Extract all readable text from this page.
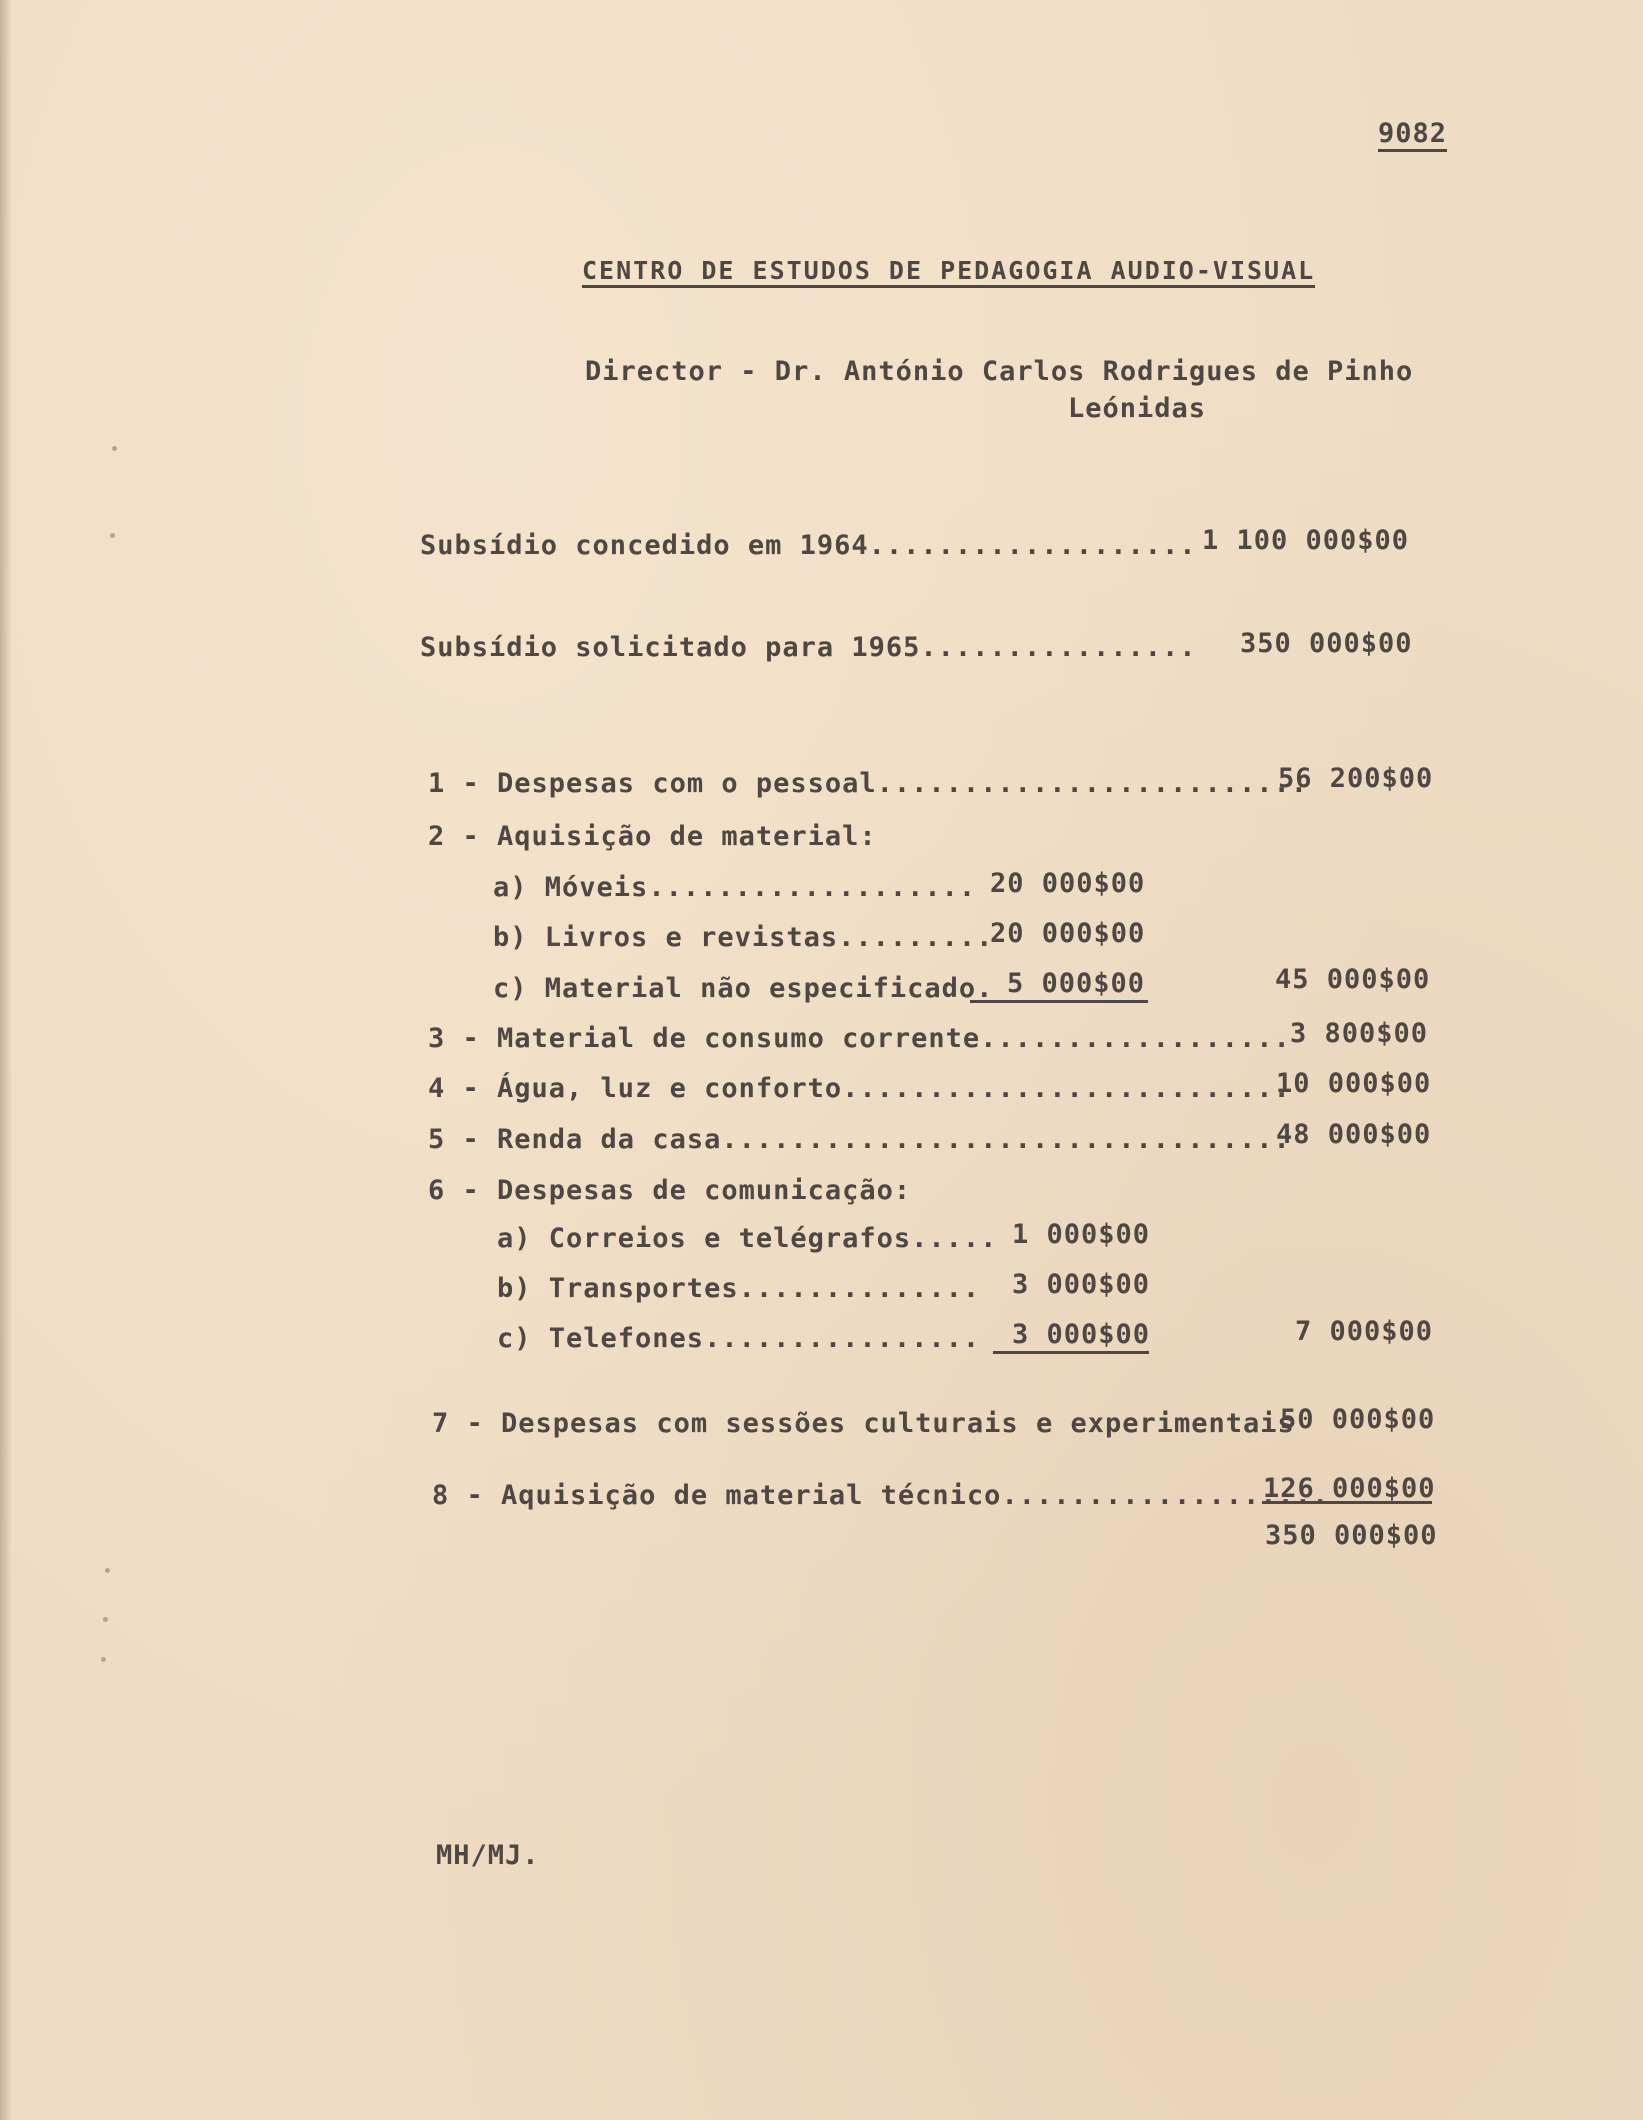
9082
CENTRO DE ESTUDOS DE PEDAGOGIA AUDIO-VISUAL
Director - Dr. António Carlos Rodrigues de Pinho
Leónidas
Subsídio concedido em 1964................... 1 100 000$00
Subsídio solicitado para 1965................ 350 000$00
1 - Despesas com o pessoal.........................
56 200$00
2 - Aquisição de material:
a) Móveis................... 20 000$00
b) Livros e revistas.........
20 000$00
c) Material não especificado. 5 000$00	45 000$00
3 - Material de consumo corrente.................. 3 800$00
4 - Água, luz e conforto..........................
10 000$00
5 - Renda da casa.................................
48 000$00
6 - Despesas de comunicação:
a) Correios e telégrafos..... 1 000$00
b) Transportes.............. 3 000$00
c) Telefones................ 3 000$00	7 000$00
7 - Despesas com sessões culturais e experimentais
50 000$00
8 - Aquisição de material técnico...................
126 000$00
350 000$00
MH/MJ.
